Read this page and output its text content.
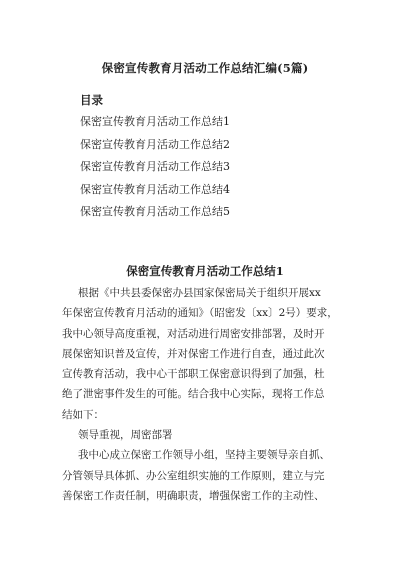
保密宣传教育月活动工作总结汇编(5篇)
目录
保密宣传教育月活动工作总结1
保密宣传教育月活动工作总结2
保密宣传教育月活动工作总结3
保密宣传教育月活动工作总结4
保密宣传教育月活动工作总结5
保密宣传教育月活动工作总结1
根据《中共县委保密办县国家保密局关于组织开展xx
年保密宣传教育月活动的通知》（昭密发〔xx〕2号）要求，
我中心领导高度重视，对活动进行周密安排部署，及时开
展保密知识普及宣传，并对保密工作进行自查，通过此次
宣传教育活动，我中心干部职工保密意识得到了加强，杜
绝了泄密事件发生的可能。结合我中心实际，现将工作总
结如下：
领导重视，周密部署
我中心成立保密工作领导小组，坚持主要领导亲自抓、
分管领导具体抓、办公室组织实施的工作原则，建立与完
善保密工作责任制，明确职责，增强保密工作的主动性、
